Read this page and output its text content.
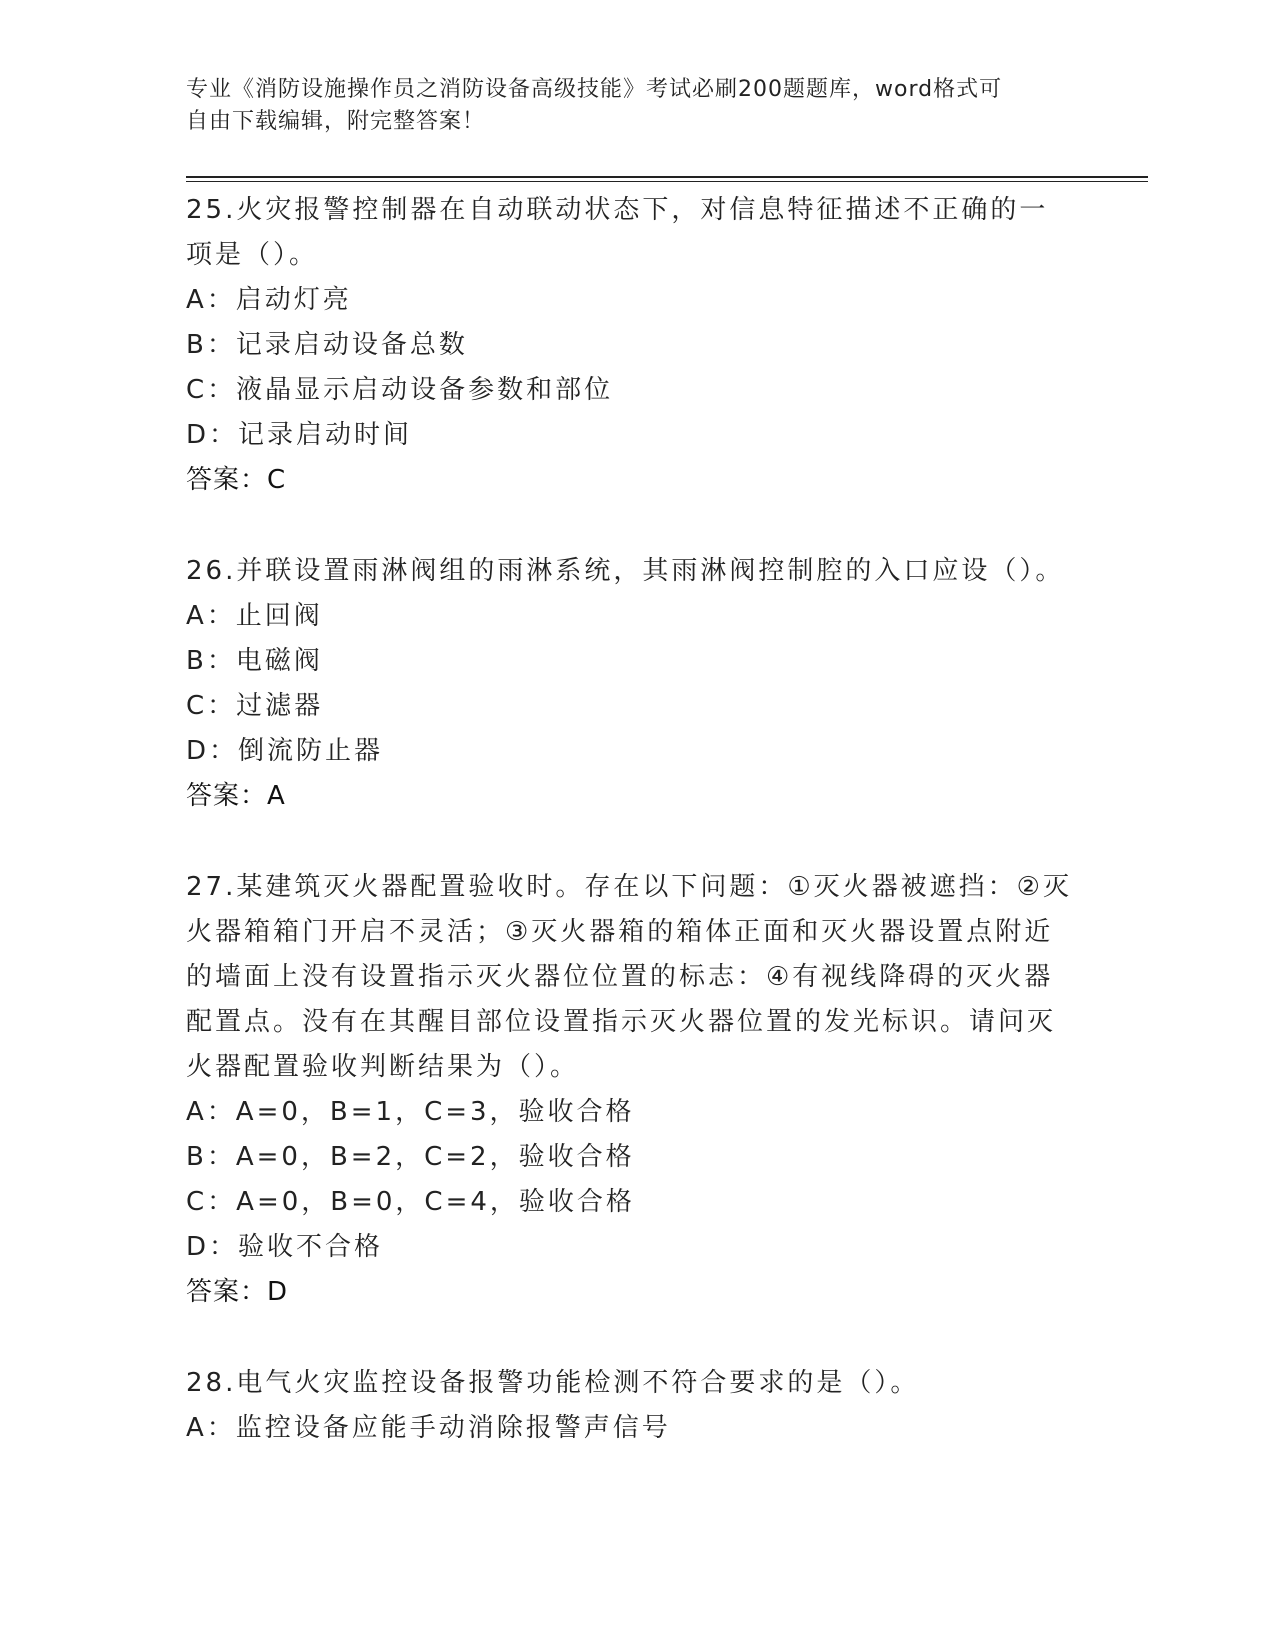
专业《消防设施操作员之消防设备高级技能》考试必刷200题题库，word格式可
自由下载编辑，附完整答案！
25.火灾报警控制器在自动联动状态下，对信息特征描述不正确的一项是（）。
A：启动灯亮
B：记录启动设备总数
C：液晶显示启动设备参数和部位
D：记录启动时间
答案：C
26.并联设置雨淋阀组的雨淋系统，其雨淋阀控制腔的入口应设（）。
A：止回阀
B：电磁阀
C：过滤器
D：倒流防止器
答案：A
27.某建筑灭火器配置验收时。存在以下问题：①灭火器被遮挡：②灭火器箱箱门开启不灵活；③灭火器箱的箱体正面和灭火器设置点附近的墙面上没有设置指示灭火器位位置的标志：④有视线降碍的灭火器配置点。没有在其醒目部位设置指示灭火器位置的发光标识。请问灭火器配置验收判断结果为（）。
A：A=0，B=1，C=3，验收合格
B：A=0，B=2，C=2，验收合格
C：A=0，B=0，C=4，验收合格
D：验收不合格
答案：D
28.电气火灾监控设备报警功能检测不符合要求的是（）。
A：监控设备应能手动消除报警声信号
